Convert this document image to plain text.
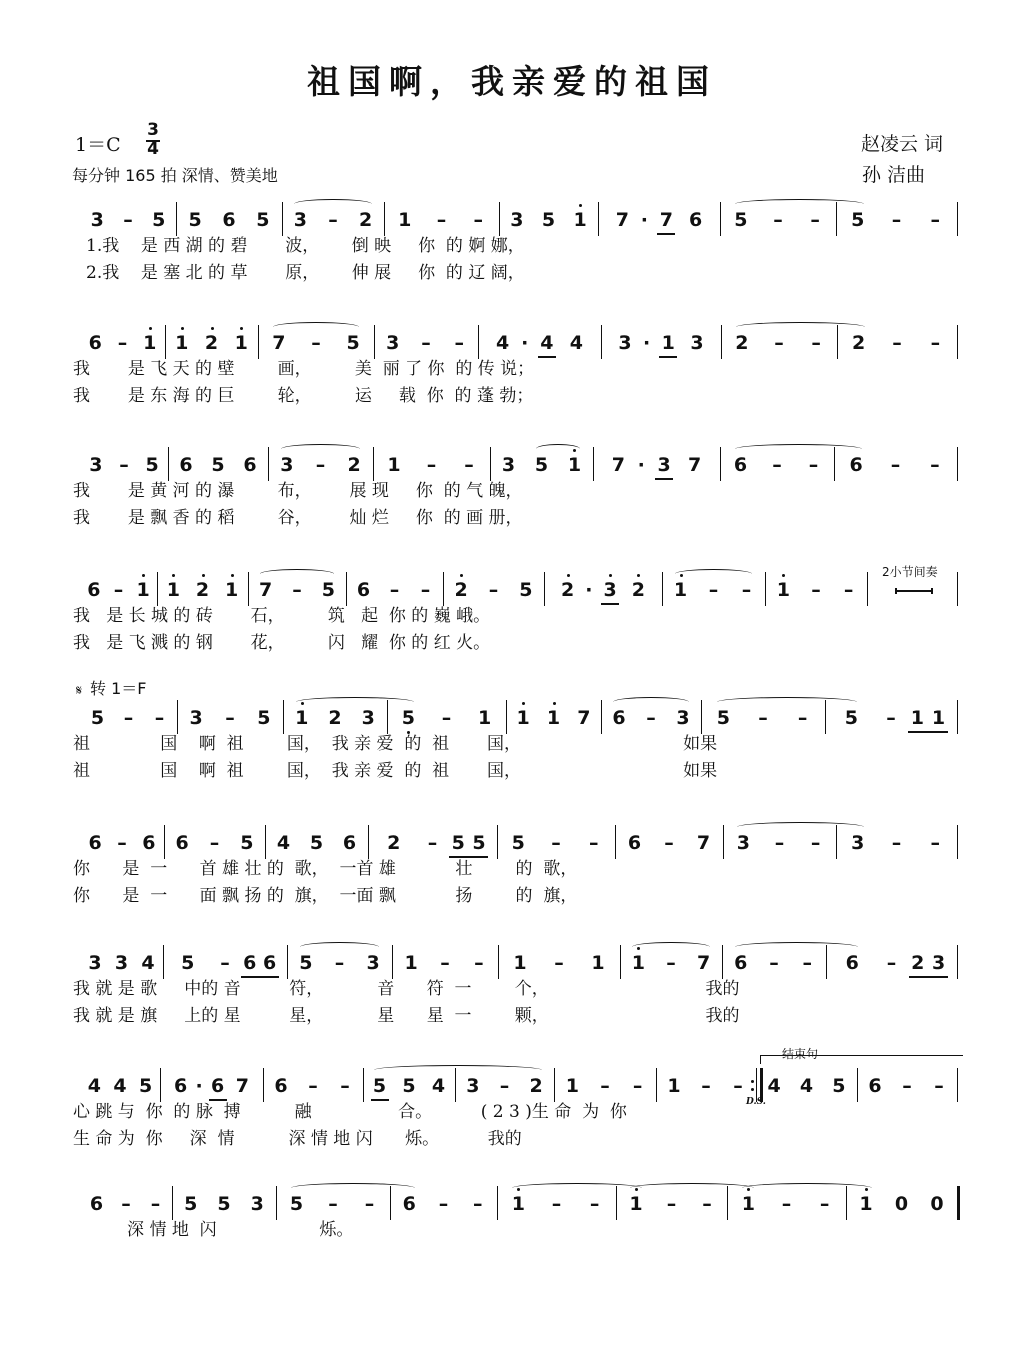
祖国啊，我亲爱的祖国
1＝C
3
4
每分钟 165 拍 深情、赞美地
赵凌云 词
孙 洁曲
3 – 5 5 6 5 3 – 2 1 – – 3 5 1 7 · 7 6 5 – – 5 – –
1.我    是 西 湖 的 碧       波，      倒 映     你  的 婀 娜，
2.我    是 塞 北 的 草       原，      伸 展     你  的 辽 阔，
6 – 1 1 2 1 7 – 5 3 – – 4 · 4 4 3 · 1 3 2 – – 2 – –
我       是 飞 天 的 壁        画，        美  丽 了 你  的 传 说；
我       是 东 海 的 巨        轮，        运     载  你  的 蓬 勃；
3 – 5 6 5 6 3 – 2 1 – – 3 5 1 7 · 3 7 6 – – 6 – –
我       是 黄 河 的 瀑        布，       展 现     你  的 气 魄，
我       是 飘 香 的 稻        谷，       灿 烂     你  的 画 册，
6 – 1 1 2 1 7 – 5 6 – – 2 – 5 2 · 3 2 1 – – 1 – –
我   是 长 城 的 砖       石，        筑   起  你 的 巍 峨。
我   是 飞 溅 的 钢       花，        闪   耀  你 的 红 火。
5 – – 3 – 5 1 2 3 5 – 1 1 1 7 6 – 3 5 – – 5 – 1 1
祖             国    啊  祖        国，  我 亲 爱  的  祖       国，                              如果
祖             国    啊  祖        国，  我 亲 爱  的  祖       国，                              如果
6 – 6 6 – 5 4 5 6 2 – 5 5 5 – – 6 – 7 3 – – 3 – –
你      是  一      首 雄 壮 的  歌，  一首 雄           壮        的  歌，
你      是  一      面 飘 扬 的  旗，  一面 飘           扬        的  旗，
3 3 4 5 – 6 6 5 – 3 1 – – 1 – 1 1 – 7 6 – – 6 – 2 3
我 就 是 歌     中的 音         符，          音      符  一        个，                             我的
我 就 是 旗     上的 星         星，          星      星  一        颗，                             我的
4 4 5 6 · 6 7 6 – – 5 5 4 3 – 2 1 – – 1 – – 4 4 5 6 – –
心 跳 与  你  的 脉  搏          融                合。         ( 2 3 )生 命  为  你
生 命 为  你     深  情          深 情 地 闪      烁。         我的
6 – – 5 5 3 5 – – 6 – – 1 – – 1 – – 1 – – 1 0 0
深 情 地  闪                   烁。
2小节间奏
𝄋 转 1＝F
结束句
D.S.
